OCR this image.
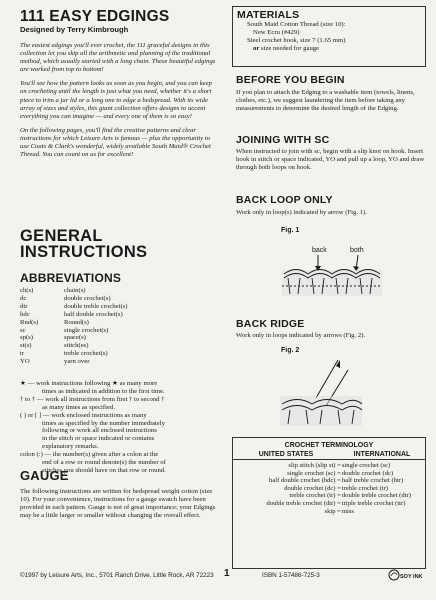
111 EASY EDGINGS
Designed by Terry Kimbrough

The easiest edgings you'll ever crochet, the 111 graceful designs in this collection let you skip all the arithmetic and planning of the traditional method, which usually started with a long chain. These beautiful edgings are worked from top to bottom!

You'll see how the pattern looks as soon as you begin, and you can keep on crocheting until the length is just what you need, whether it's a short piece to trim a jar lid or a long one to edge a bedspread. With its wide array of sizes and styles, this giant collection offers designs to accent everything you can imagine — and every one of them is so easy!

On the following pages, you'll find the creative patterns and clear instructions for which Leisure Arts is famous — plus the opportunity to use Coats & Clark's wonderful, widely available South Maid® Crochet Thread. You can count on us for excellent!

GENERAL
INSTRUCTIONS
ABBREVIATIONS
ch(s)	chain(s)
dc	double crochet(s)
dtr	double treble crochet(s)
hdc	half double crochet(s)
Rnd(s)	Round(s)
sc	single crochet(s)
sp(s)	space(s)
st(s)	stitch(es)
tr	treble crochet(s)
YO	yarn over
★ — work instructions following ★ as many more
times as indicated in addition to the first time.
† to † — work all instructions from first † to second †
as many times as specified.
( ) or [ ] — work enclosed instructions as many
times as specified by the number immediately
following or work all enclosed instructions
in the stitch or space indicated or contains
explanatory remarks.
colon (:) — the number(s) given after a colon at the
end of a row or round denote(s) the number of
stitches you should have on that row or round.
GAUGE
The following instructions are written for bedspread weight cotton (size 10). For your convenience, instructions for a gauge swatch have been provided in each pattern. Gauge is not of great importance; your Edgings may be a little larger or smaller without changing the overall effect.
MATERIALS
South Maid Cotton Thread (size 10):
New Ecru (#429)
Steel crochet hook, size 7 (1.65 mm)
or size needed for gauge
BEFORE YOU BEGIN
If you plan to attach the Edging to a washable item (towels, linens, clothes, etc.), we suggest laundering the item before taking any measurements to determine the desired length of the Edging.
JOINING WITH SC
When instructed to join with sc, begin with a slip knot on hook. Insert hook in stitch or space indicated, YO and pull up a loop, YO and draw through both loops on hook.
BACK LOOP ONLY
Work only in loop(s) indicated by arrow (Fig. 1).
Fig. 1
back	both
BACK RIDGE
Work only in loops indicated by arrows (Fig. 2).
Fig. 2
CROCHET TERMINOLOGY
UNITED STATES	INTERNATIONAL
slip stitch (slip st) = single crochet (sc)
single crochet (sc) = double crochet (dc)
half double crochet (hdc) = half treble crochet (htr)
double crochet (dc) = treble crochet (tr)
treble crochet (tr) = double treble crochet (dtr)
double treble crochet (dtr) = triple treble crochet (ttr)
skip = miss
©1997 by Leisure Arts, Inc., 5701 Ranch Drive, Little Rock, AR 72223 1	ISBN 1-57486-725-3	SOY INK
